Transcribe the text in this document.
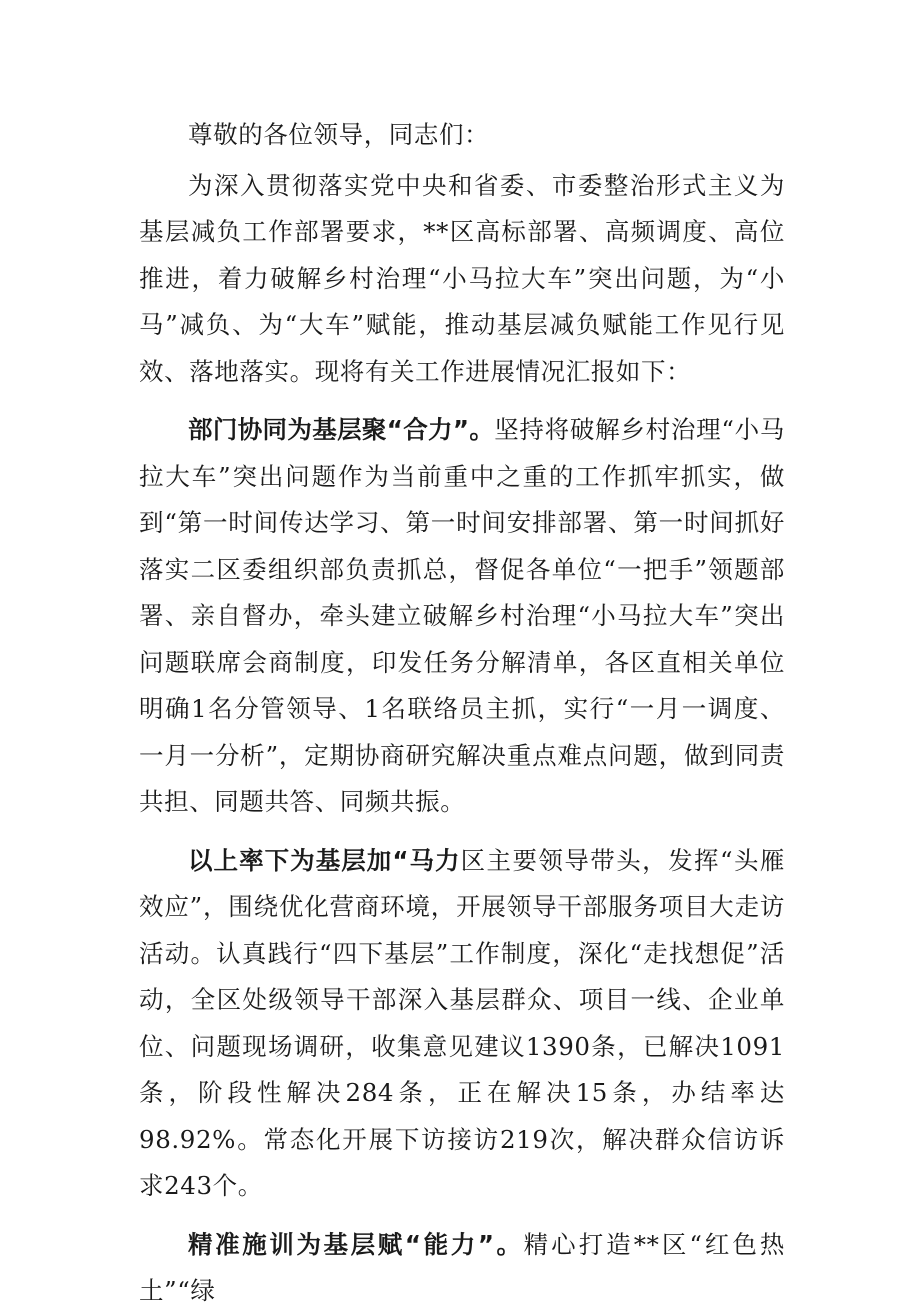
尊敬的各位领导，同志们：

为深入贯彻落实党中央和省委、市委整治形式主义为基层减负工作部署要求，**区高标部署、高频调度、高位推进，着力破解乡村治理“小马拉大车”突出问题，为“小马”减负、为“大车”赋能，推动基层减负赋能工作见行见效、落地落实。现将有关工作进展情况汇报如下：

部门协同为基层聚“合力”。坚持将破解乡村治理“小马拉大车”突出问题作为当前重中之重的工作抓牢抓实，做到“第一时间传达学习、第一时间安排部署、第一时间抓好落实二区委组织部负责抓总，督促各单位“一把手”领题部署、亲自督办，牵头建立破解乡村治理“小马拉大车”突出问题联席会商制度，印发任务分解清单，各区直相关单位明确1名分管领导、1名联络员主抓，实行“一月一调度、一月一分析”，定期协商研究解决重点难点问题，做到同责共担、同题共答、同频共振。

以上率下为基层加“马力区主要领导带头，发挥“头雁效应”，围绕优化营商环境，开展领导干部服务项目大走访活动。认真践行“四下基层”工作制度，深化“走找想促”活动，全区处级领导干部深入基层群众、项目一线、企业单位、问题现场调研，收集意见建议1390条，已解决1091条，阶段性解决284条，正在解决15条，办结率达98.92%。常态化开展下访接访219次，解决群众信访诉求243个。

精准施训为基层赋“能力”。精心打造**区“红色热土”“绿
